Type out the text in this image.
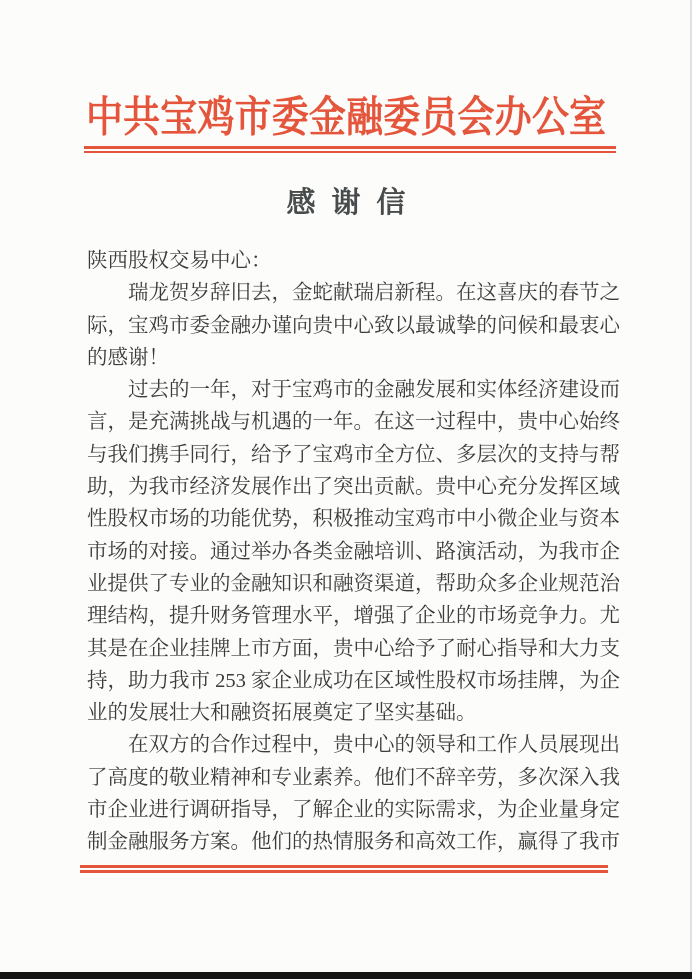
中共宝鸡市委金融委员会办公室
感谢信
陕西股权交易中心：
瑞龙贺岁辞旧去，金蛇献瑞启新程。在这喜庆的春节之
际，宝鸡市委金融办谨向贵中心致以最诚挚的问候和最衷心
的感谢！
过去的一年，对于宝鸡市的金融发展和实体经济建设而
言，是充满挑战与机遇的一年。在这一过程中，贵中心始终
与我们携手同行，给予了宝鸡市全方位、多层次的支持与帮
助，为我市经济发展作出了突出贡献。贵中心充分发挥区域
性股权市场的功能优势，积极推动宝鸡市中小微企业与资本
市场的对接。通过举办各类金融培训、路演活动，为我市企
业提供了专业的金融知识和融资渠道，帮助众多企业规范治
理结构，提升财务管理水平，增强了企业的市场竞争力。尤
其是在企业挂牌上市方面，贵中心给予了耐心指导和大力支
持，助力我市 253 家企业成功在区域性股权市场挂牌，为企
业的发展壮大和融资拓展奠定了坚实基础。
在双方的合作过程中，贵中心的领导和工作人员展现出
了高度的敬业精神和专业素养。他们不辞辛劳，多次深入我
市企业进行调研指导，了解企业的实际需求，为企业量身定
制金融服务方案。他们的热情服务和高效工作，赢得了我市
